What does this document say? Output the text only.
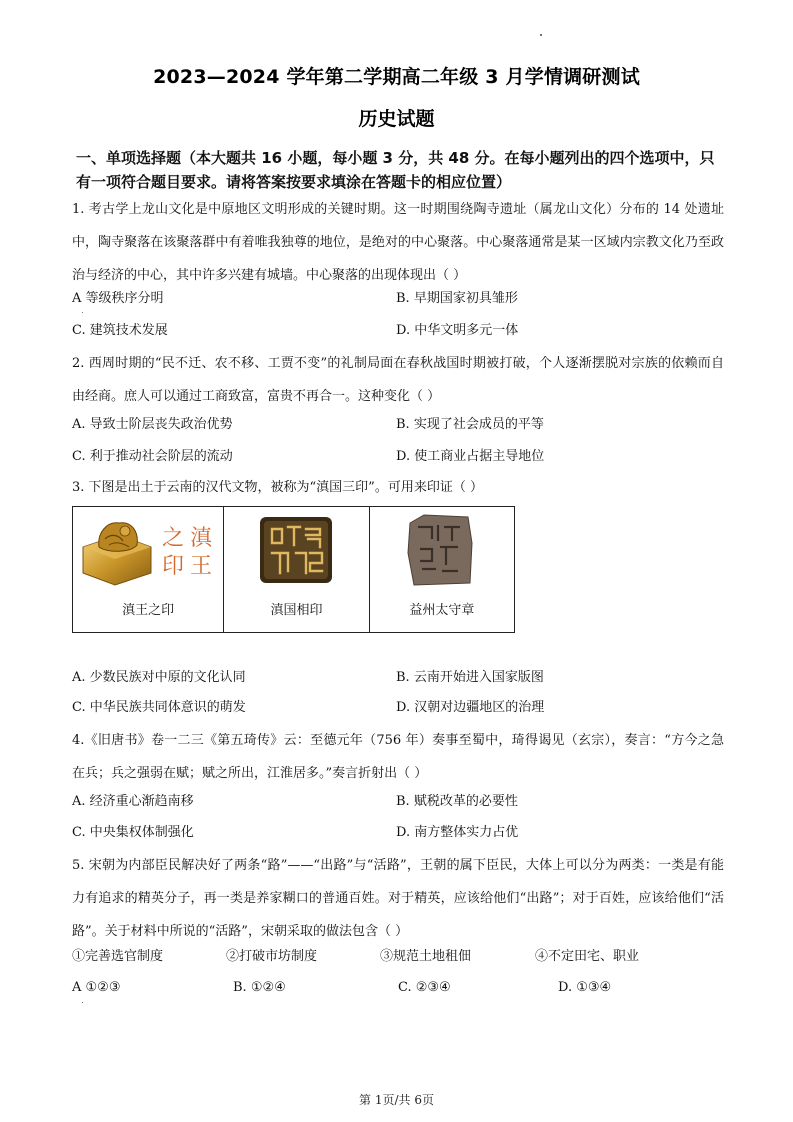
2023—2024 学年第二学期高二年级 3 月学情调研测试
历史试题
一、单项选择题（本大题共 16 小题，每小题 3 分，共 48 分。在每小题列出的四个选项中，只有一项符合题目要求。请将答案按要求填涂在答题卡的相应位置）
1. 考古学上龙山文化是中原地区文明形成的关键时期。这一时期围绕陶寺遗址（属龙山文化）分布的 14 处遗址中，陶寺聚落在该聚落群中有着唯我独尊的地位，是绝对的中心聚落。中心聚落通常是某一区域内宗教文化乃至政治与经济的中心，其中许多兴建有城墙。中心聚落的出现体现出（ ）
A 等级秩序分明	B. 早期国家初具雏形
C. 建筑技术发展	D. 中华文明多元一体
2. 西周时期的“民不迁、农不移、工贾不变”的礼制局面在春秋战国时期被打破，个人逐渐摆脱对宗族的依赖而自由经商。庶人可以通过工商致富，富贵不再合一。这种变化（ ）
A. 导致士阶层丧失政治优势	B. 实现了社会成员的平等
C. 利于推动社会阶层的流动	D. 使工商业占据主导地位
3. 下图是出土于云南的汉代文物，被称为“滇国三印”。可用来印证（ ）
之 滇
印 王
滇王之印	滇国相印	益州太守章
A. 少数民族对中原的文化认同	B. 云南开始进入国家版图
C. 中华民族共同体意识的萌发	D. 汉朝对边疆地区的治理
4.《旧唐书》卷一二三《第五琦传》云：至德元年（756 年）奏事至蜀中，琦得谒见（玄宗），奏言：“方今之急在兵；兵之强弱在赋；赋之所出，江淮居多。”奏言折射出（ ）
A. 经济重心渐趋南移	B. 赋税改革的必要性
C. 中央集权体制强化	D. 南方整体实力占优
5. 宋朝为内部臣民解决好了两条“路”——“出路”与“活路”，王朝的属下臣民，大体上可以分为两类：一类是有能力有追求的精英分子，再一类是养家糊口的普通百姓。对于精英，应该给他们“出路”；对于百姓，应该给他们“活路”。关于材料中所说的“活路”，宋朝采取的做法包含（ ）
①完善选官制度	②打破市坊制度	③规范土地租佃	④不定田宅、职业
A ①②③	B. ①②④	C. ②③④	D. ①③④
第 1页/共 6页
